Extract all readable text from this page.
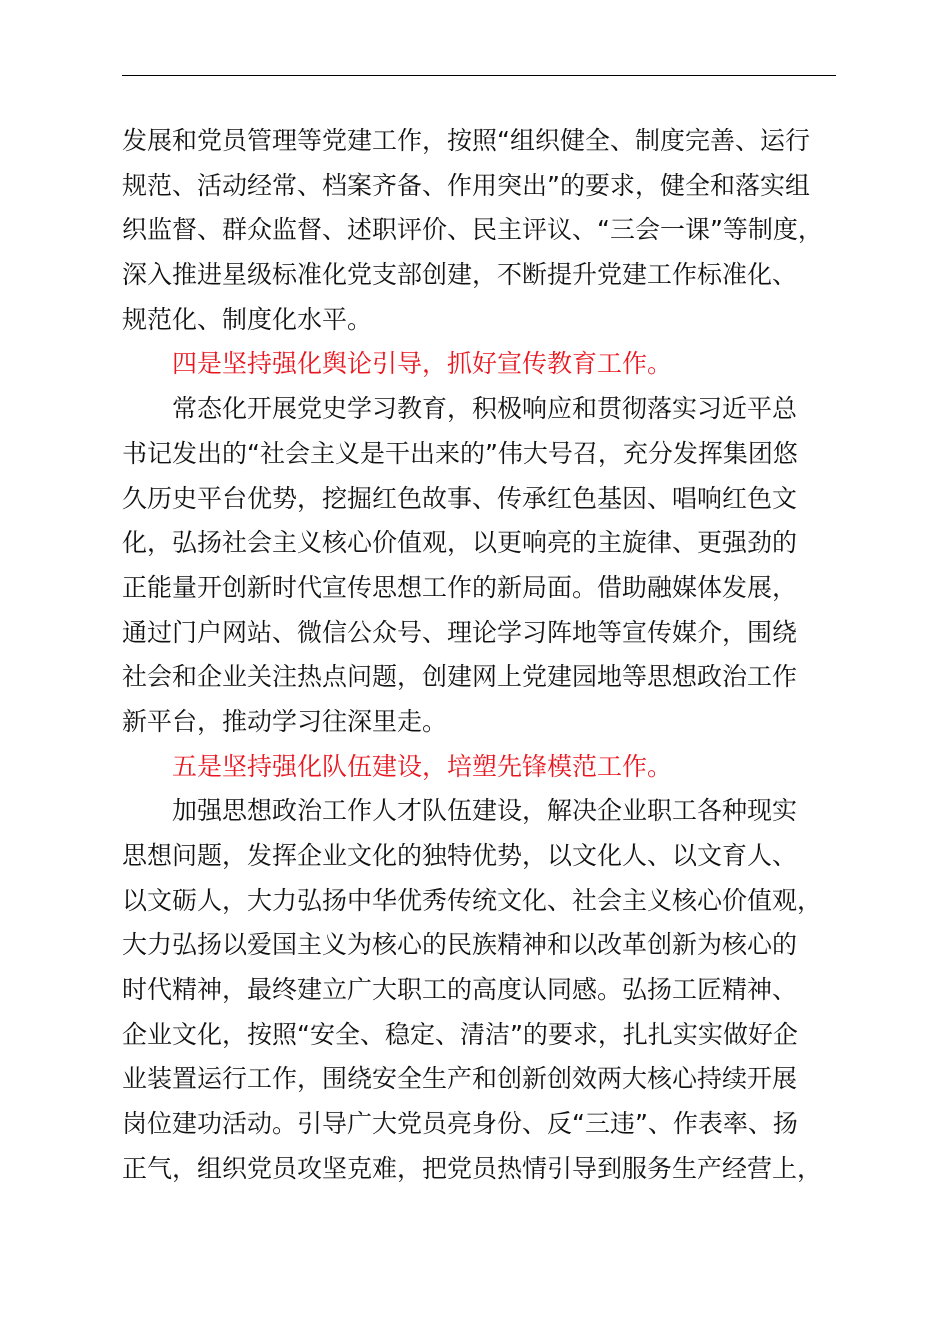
发展和党员管理等党建工作，按照“组织健全、制度完善、运行
规范、活动经常、档案齐备、作用突出”的要求，健全和落实组
织监督、群众监督、述职评价、民主评议、“三会一课”等制度，
深入推进星级标准化党支部创建，不断提升党建工作标准化、
规范化、制度化水平。
四是坚持强化舆论引导，抓好宣传教育工作。
常态化开展党史学习教育，积极响应和贯彻落实习近平总
书记发出的“社会主义是干出来的”伟大号召，充分发挥集团悠
久历史平台优势，挖掘红色故事、传承红色基因、唱响红色文
化，弘扬社会主义核心价值观，以更响亮的主旋律、更强劲的
正能量开创新时代宣传思想工作的新局面。借助融媒体发展，
通过门户网站、微信公众号、理论学习阵地等宣传媒介，围绕
社会和企业关注热点问题，创建网上党建园地等思想政治工作
新平台，推动学习往深里走。
五是坚持强化队伍建设，培塑先锋模范工作。
加强思想政治工作人才队伍建设，解决企业职工各种现实
思想问题，发挥企业文化的独特优势，以文化人、以文育人、
以文砺人，大力弘扬中华优秀传统文化、社会主义核心价值观，
大力弘扬以爱国主义为核心的民族精神和以改革创新为核心的
时代精神，最终建立广大职工的高度认同感。弘扬工匠精神、
企业文化，按照“安全、稳定、清洁”的要求，扎扎实实做好企
业装置运行工作，围绕安全生产和创新创效两大核心持续开展
岗位建功活动。引导广大党员亮身份、反“三违”、作表率、扬
正气，组织党员攻坚克难，把党员热情引导到服务生产经营上，
